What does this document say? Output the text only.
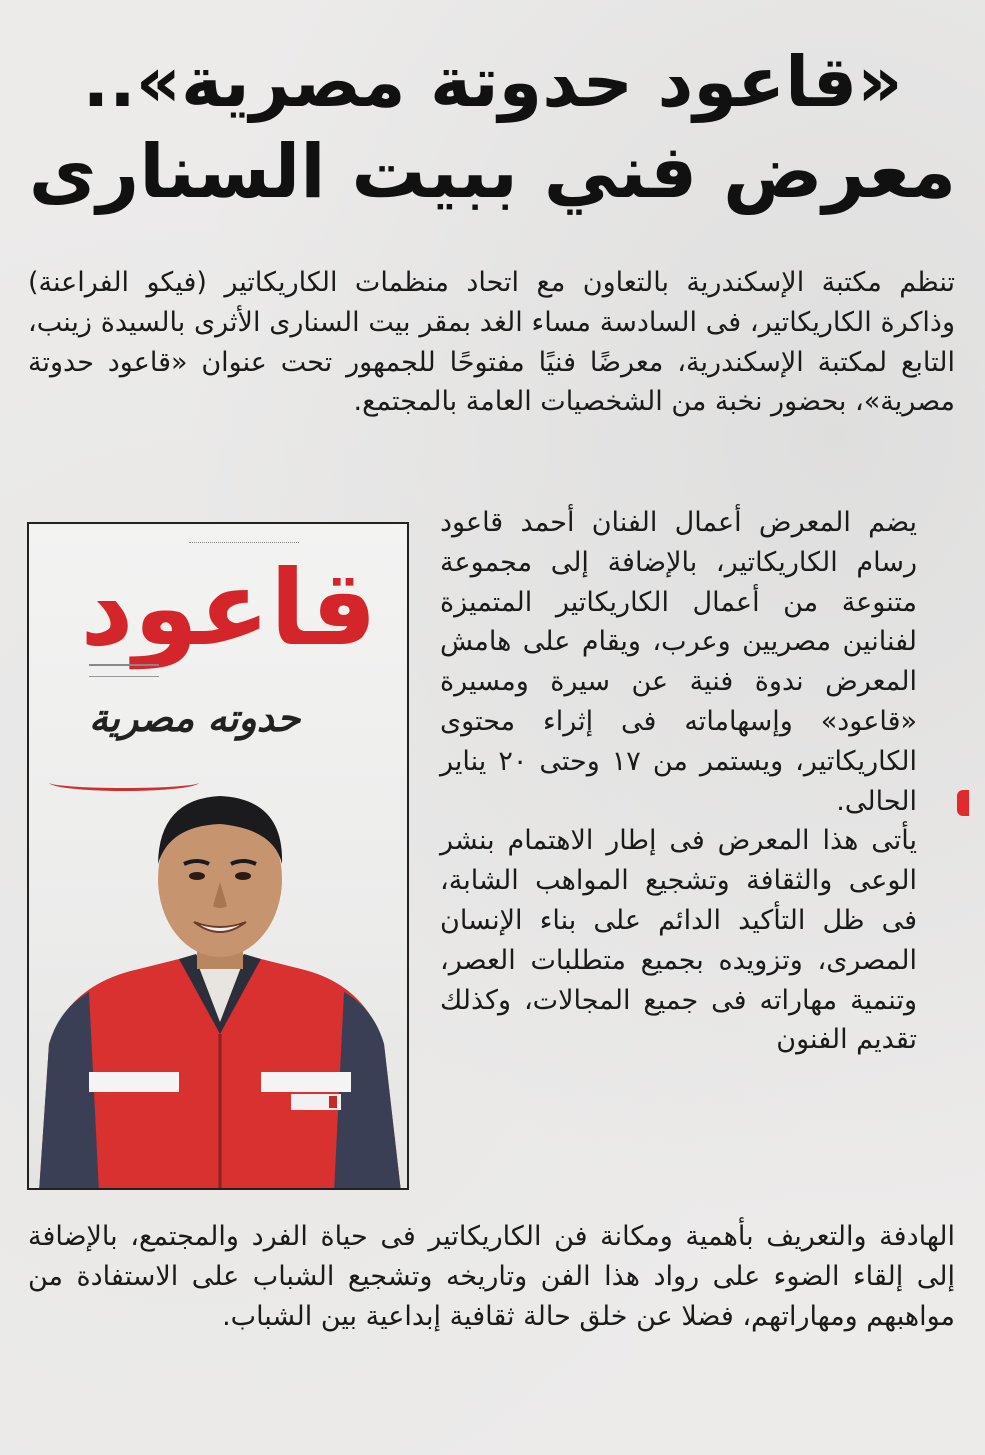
«قاعود حدوتة مصرية»..
معرض فني ببيت السنارى

تنظم مكتبة الإسكندرية بالتعاون مع اتحاد منظمات الكاريكاتير (فيكو الفراعنة) وذاكرة الكاريكاتير، فى السادسة مساء الغد بمقر بيت السنارى الأثرى بالسيدة زينب، التابع لمكتبة الإسكندرية، معرضًا فنيًا مفتوحًا للجمهور تحت عنوان «قاعود حدوتة مصرية»، بحضور نخبة من الشخصيات العامة بالمجتمع.

يضم المعرض أعمال الفنان أحمد قاعود رسام الكاريكاتير، بالإضافة إلى مجموعة متنوعة من أعمال الكاريكاتير المتميزة لفنانين مصريين وعرب، ويقام على هامش المعرض ندوة فنية عن سيرة ومسيرة «قاعود» وإسهاماته فى إثراء محتوى الكاريكاتير، ويستمر من ١٧ وحتى ٢٠ يناير الحالى.

يأتى هذا المعرض فى إطار الاهتمام بنشر الوعى والثقافة وتشجيع المواهب الشابة، فى ظل التأكيد الدائم على بناء الإنسان المصرى، وتزويده بجميع متطلبات العصر، وتنمية مهاراته فى جميع المجالات، وكذلك تقديم الفنون

الهادفة والتعريف بأهمية ومكانة فن الكاريكاتير فى حياة الفرد والمجتمع، بالإضافة إلى إلقاء الضوء على رواد هذا الفن وتاريخه وتشجيع الشباب على الاستفادة من مواهبهم ومهاراتهم، فضلا عن خلق حالة ثقافية إبداعية بين الشباب.

قاعود
حدوته مصرية
